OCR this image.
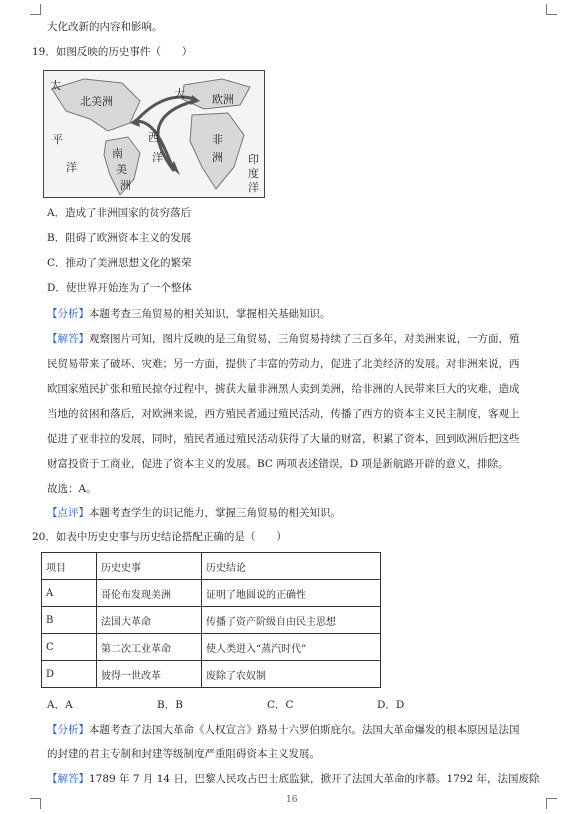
大化改新的内容和影响。
19．如图反映的历史事件（　　）
太
北美洲
大 欧洲
平
洋
南
美
洲
非
洲 印
度
洋
西
洋
A．造成了非洲国家的贫穷落后
B．阻碍了欧洲资本主义的发展
C．推动了美洲思想文化的繁荣
D．使世界开始连为了一个整体
【分析】本题考查三角贸易的相关知识，掌握相关基础知识。
【解答】观察图片可知，图片反映的是三角贸易，三角贸易持续了三百多年，对美洲来说，一方面，殖
民贸易带来了破坏、灾难；另一方面，提供了丰富的劳动力，促进了北美经济的发展。对非洲来说，西
欧国家殖民扩张和殖民掠夺过程中，掳获大量非洲黑人卖到美洲，给非洲的人民带来巨大的灾难，造成
当地的贫困和落后，对欧洲来说，西方殖民者通过殖民活动，传播了西方的资本主义民主制度，客观上
促进了亚非拉的发展，同时，殖民者通过殖民活动获得了大量的财富，积累了资本，回到欧洲后把这些
财富投资于工商业，促进了资本主义的发展。BC 两项表述错误，D 项是新航路开辟的意义，排除。
故选：A。
【点评】本题考查学生的识记能力，掌握三角贸易的相关知识。
20．如表中历史史事与历史结论搭配正确的是（　　）
项目	历史史事	历史结论
A	哥伦布发现美洲	证明了地圆说的正确性
B	法国大革命	传播了资产阶级自由民主思想
C	第二次工业革命	使人类进入“蒸汽时代”
D	彼得一世改革	废除了农奴制
A．A	B．B	C．C	D．D
【分析】本题考查了法国大革命《人权宣言》路易十六罗伯斯庇尔。法国大革命爆发的根本原因是法国
的封建的君主专制和封建等级制度严重阻碍资本主义发展。
【解答】1789 年 7 月 14 日，巴黎人民攻占巴士底监狱，掀开了法国大革命的序幕。1792 年，法国废除
16
